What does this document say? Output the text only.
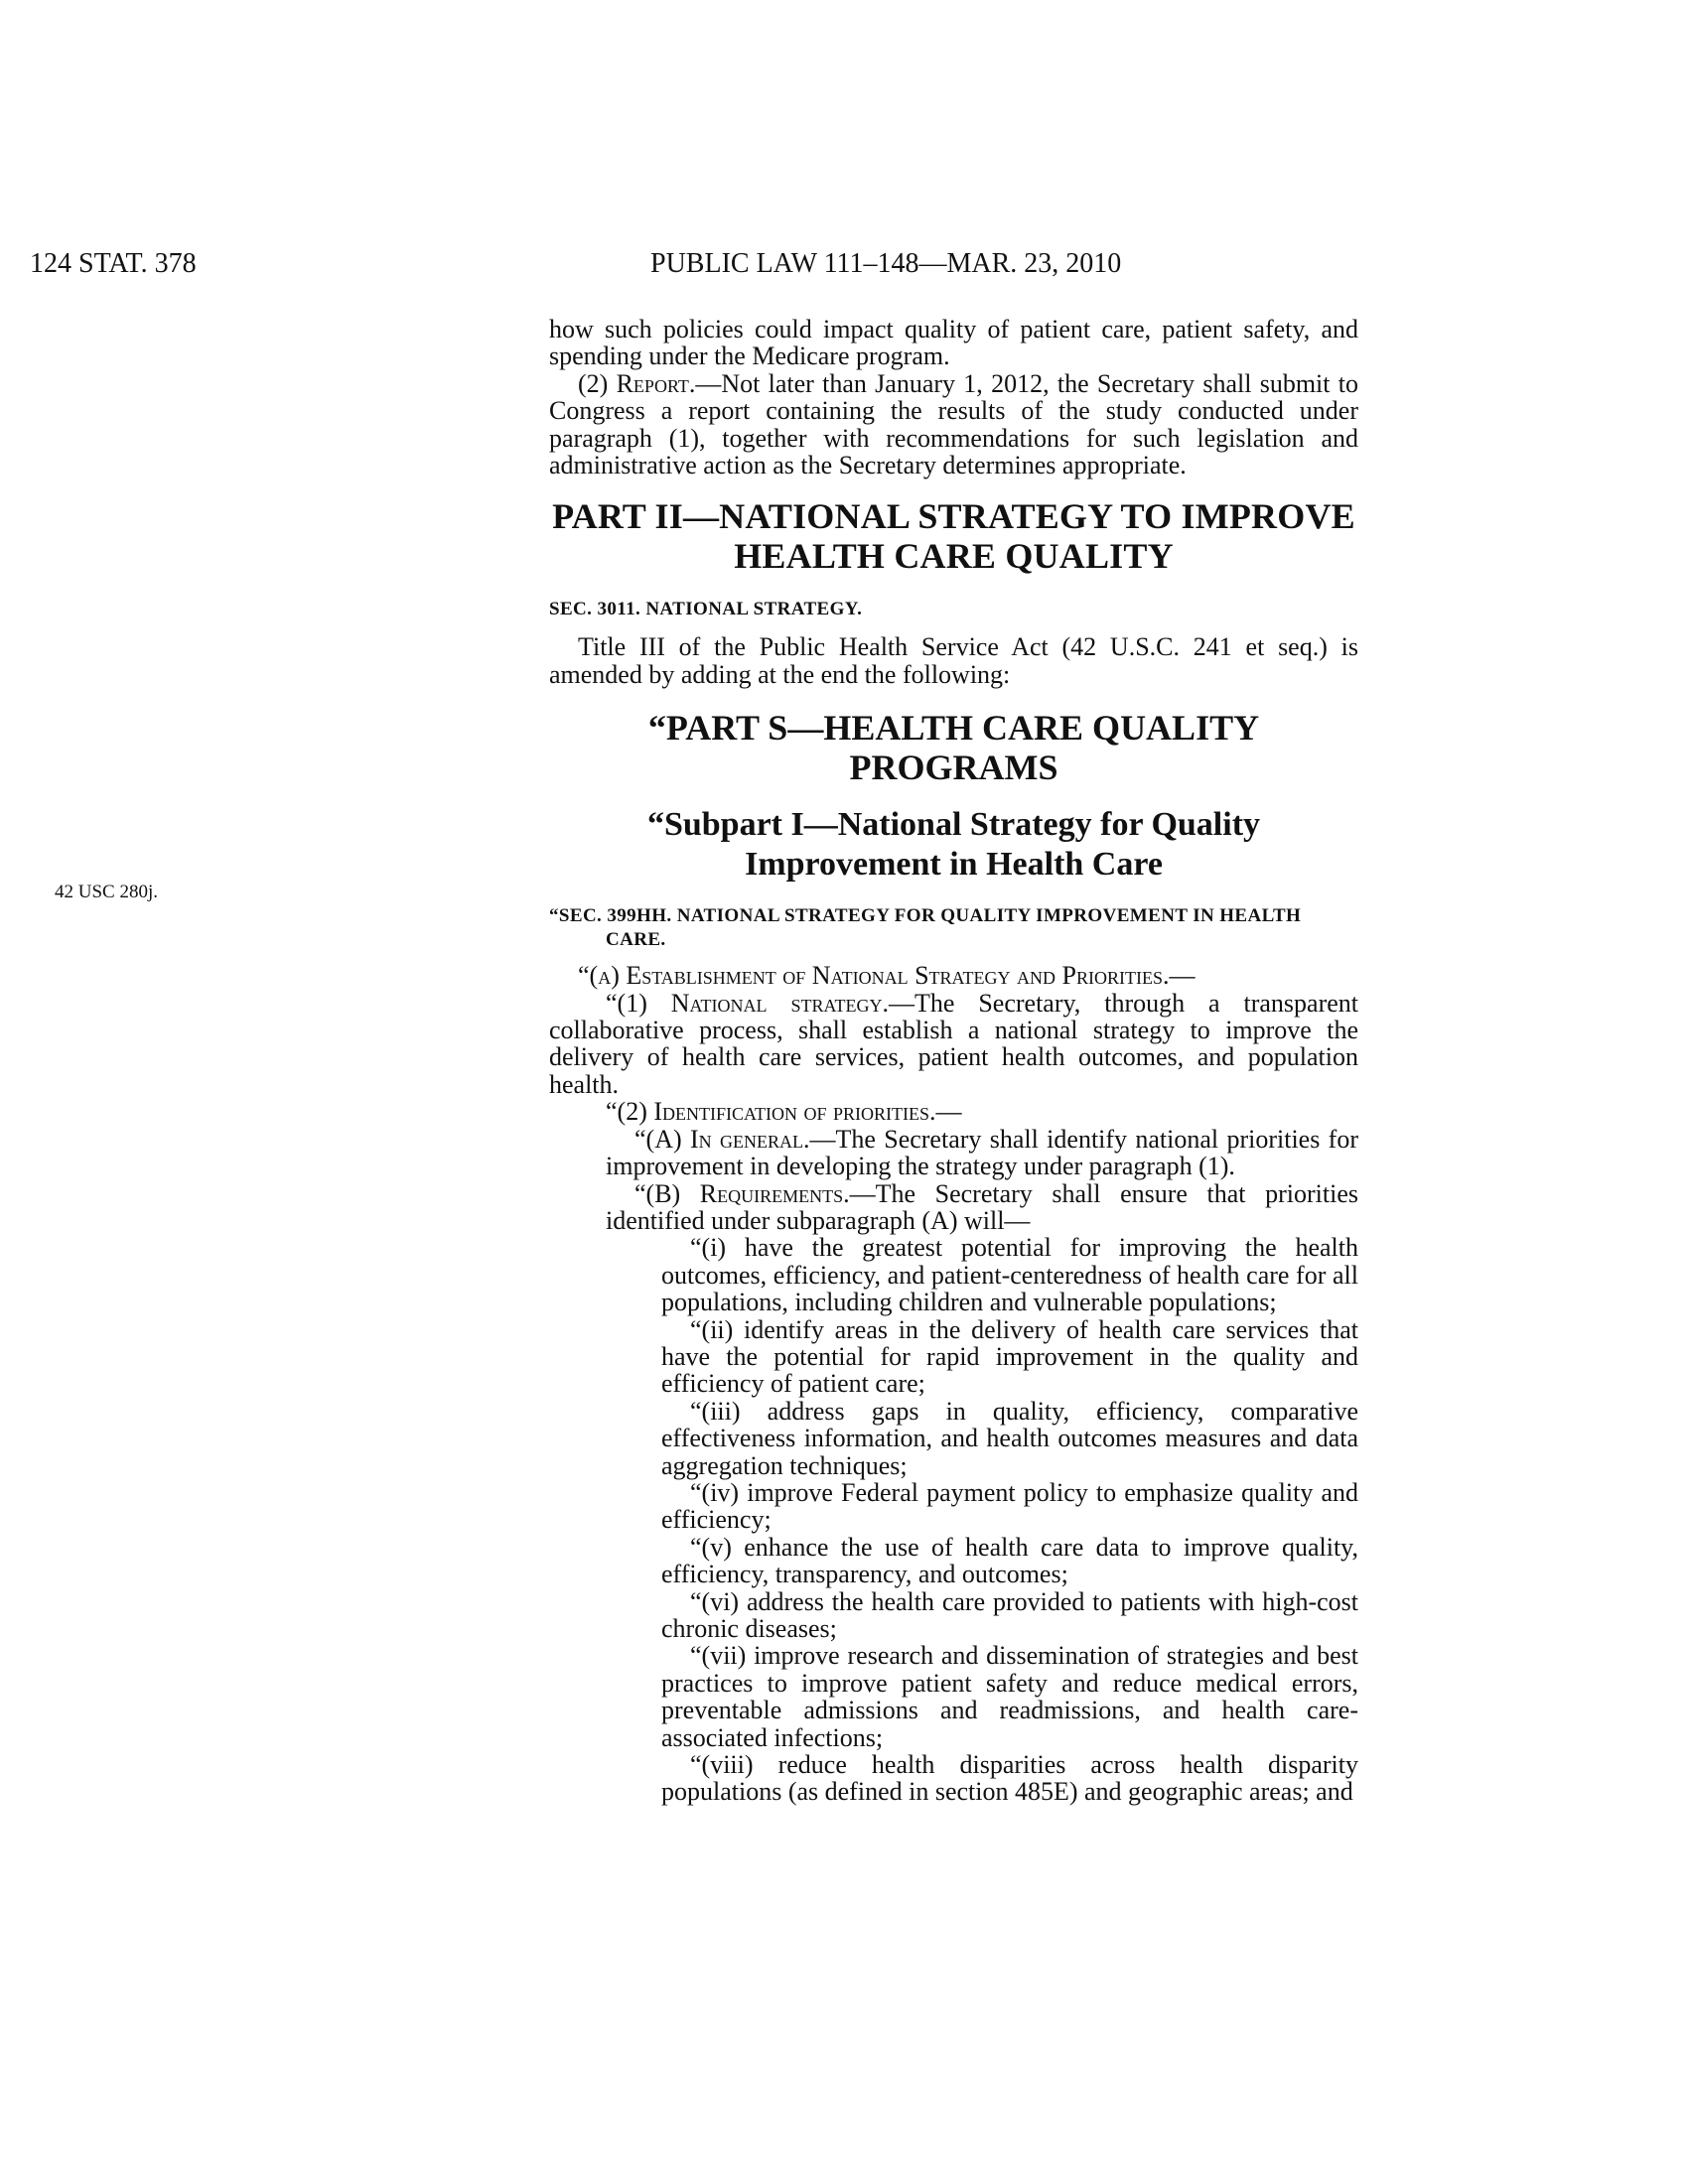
124 STAT. 378	PUBLIC LAW 111–148—MAR. 23, 2010
42 USC 280j.

how such policies could impact quality of patient care, patient safety, and spending under the Medicare program.

(2) Report.—Not later than January 1, 2012, the Secretary shall submit to Congress a report containing the results of the study conducted under paragraph (1), together with recommendations for such legislation and administrative action as the Secretary determines appropriate.

PART II—NATIONAL STRATEGY TO IMPROVE
HEALTH CARE QUALITY
SEC. 3011. NATIONAL STRATEGY.

Title III of the Public Health Service Act (42 U.S.C. 241 et seq.) is amended by adding at the end the following:

“PART S—HEALTH CARE QUALITY PROGRAMS
“Subpart I—National Strategy for Quality
Improvement in Health Care
“SEC. 399HH. NATIONAL STRATEGY FOR QUALITY IMPROVEMENT IN HEALTH CARE.

“(a) Establishment of National Strategy and Priorities.—

“(1) National strategy.—The Secretary, through a transparent collaborative process, shall establish a national strategy to improve the delivery of health care services, patient health outcomes, and population health.

“(2) Identification of priorities.—

“(A) In general.—The Secretary shall identify national priorities for improvement in developing the strategy under paragraph (1).

“(B) Requirements.—The Secretary shall ensure that priorities identified under subparagraph (A) will—

“(i) have the greatest potential for improving the health outcomes, efficiency, and patient-centeredness of health care for all populations, including children and vulnerable populations;

“(ii) identify areas in the delivery of health care services that have the potential for rapid improvement in the quality and efficiency of patient care;

“(iii) address gaps in quality, efficiency, comparative effectiveness information, and health outcomes measures and data aggregation techniques;

“(iv) improve Federal payment policy to emphasize quality and efficiency;

“(v) enhance the use of health care data to improve quality, efficiency, transparency, and outcomes;

“(vi) address the health care provided to patients with high-cost chronic diseases;

“(vii) improve research and dissemination of strategies and best practices to improve patient safety and reduce medical errors, preventable admissions and readmissions, and health care-associated infections;

“(viii) reduce health disparities across health disparity populations (as defined in section 485E) and geographic areas; and
